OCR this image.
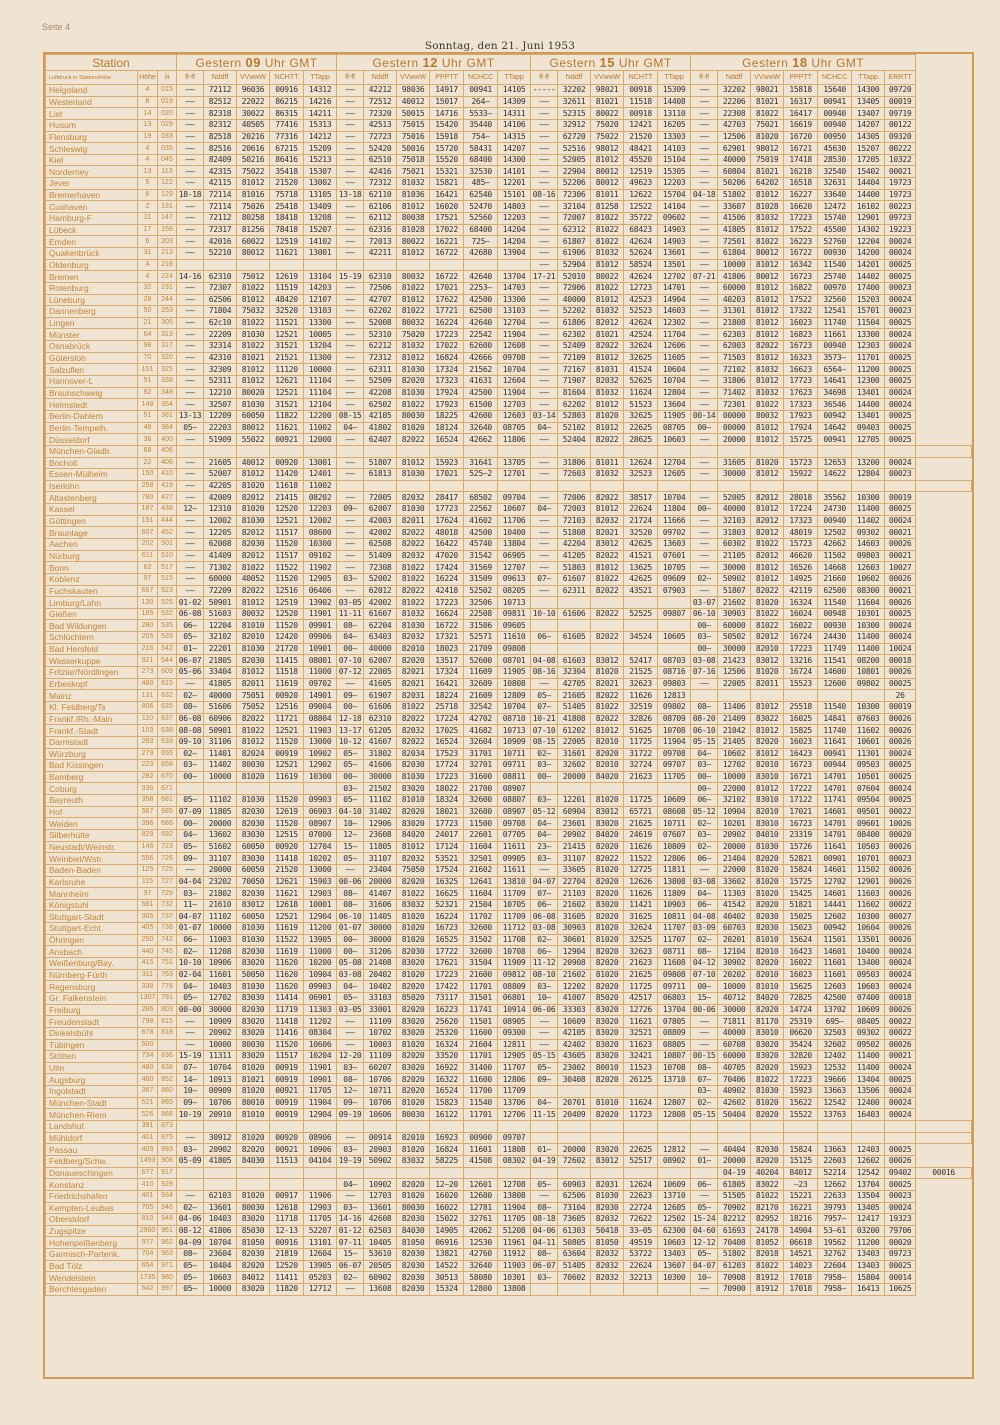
Seite 4
Sonntag, den 21. Juni 1953
Station			Gestern 09 Uhr GMT					Gestern 12 Uhr GMT						Gestern 15 Uhr GMT					Gestern 18 Uhr GMT							
Luftdruck in Stationshöhe	Höhe	iii	ff-ff	Nddff	VVwwW	NCHTT	TTapp	ff-ff	Nddff	VVwwW	PPPTT	NCHCC	TTapp	ff-ff	Nddff	VVwwW	NCHTT	TTapp	ff-ff	Nddff	VVwwW	PPPTT	NCHCC	TTapp	ERRTT	
Helgoland	4	015	——	72112	96036	00916	14312	——	42212	98036	14917	00941	14105	-----	32202	98021	00918	15309	——	32202	98021	15818	15640	14300	09720	
Westerland	8	019	——	82512	22022	86215	14216	——	72512	40012	15017	264—	14309	——	32611	81021	11518	14408	——	22206	81021	16317	00941	13405	00019	
List	14	020	——	82318	30022	86315	14211	——	72320	50015	14716	5533—	14311	——	52315	80022	00918	13110	——	22308	81022	16417	00940	13407	09719	
Husum	13	029	——	82312	40505	77416	15313	——	42513	75015	15420	35440	14106	——	32912	75020	12421	16205	——	42703	75021	16619	00940	14207	00122	
Flensburg	19	033	——	82518	20216	77316	14212	——	72723	75016	15918	754—	14315	——	62720	75022	21520	13303	——	12506	81020	16720	00950	14305	09320	
Schleswig	4	035	——	82516	20616	67215	15209	——	52420	50016	15720	58431	14207	——	52516	98012	48421	14103	——	62901	98012	16721	45630	15207	00222	
Kiel	4	045	——	82409	50216	86416	15213	——	62510	75018	15520	68400	14300	——	52005	81012	45520	15104	——	40000	75019	17418	28530	17205	10322	
Norderney	13	113	——	42315	75022	35418	15307	——	42416	75021	15321	32530	14101	——	22904	80012	12519	15305	——	60804	81021	16218	32540	15402	00021	
Jever	5	122	——	42115	81012	21520	13002	——	72312	81032	15821	485—	12201	——	52206	80012	49623	12203	——	50206	64202	16518	32631	14404	19723	
Bremerhaven	6	129	18-18	72114	81016	75718	13105	13-18	62110	81036	16421	62540	15101	08-16	72306	81011	12622	15704	04-18	51802	81012	16227	33640	14400	19723	
Cuxhaven	2	131	——	72114	75026	25418	13409	——	62106	81012	16020	52470	14803	——	32104	81258	12522	14104	——	33607	81028	16620	12472	16102	00223	
Hamburg-F	11	147	——	72112	80258	18418	13208	——	62112	80038	17521	52560	12203	——	72007	81022	35722	09602	——	41506	81032	17223	15740	12901	09723	
Lübeck	17	156	——	72317	81256	78418	15207	——	62316	81028	17022	68400	14204	——	62312	81022	68423	14903	——	41805	81012	17522	45500	14302	19223	
Emden	6	203	——	42016	60022	12519	14102	——	72013	80022	16221	725—	14204	——	61807	81022	42624	14903	——	72501	81022	16223	52760	12204	00024	
Quakenbrück	31	213	——	52210	80012	11621	13001	——	42211	81012	16722	42680	13904	——	61906	81032	52624	13601	——	61804	80012	16722	00930	14200	00024	
Oldenburg	4	216												——	52904	81012	58524	13501	——	10000	81012	16342	11540	14201	00025	
Bremen	4	224	14-16	62310	75012	12619	13104	15-19	62310	80032	16722	42640	13704	17-21	52010	80022	42624	12702	07-21	41806	80012	16723	25740	14402	00025	
Rotenburg	32	231	——	72307	81022	11519	14203	——	72506	81022	17021	2253—	14703	——	72006	81022	12723	14701	——	60000	81012	16822	00970	17400	00023	
Lüneburg	28	244	——	62506	81012	48420	12107	——	42707	81012	17622	42500	13300	——	40000	81012	42523	14904	——	40203	81012	17522	32560	15203	00024	
Dannenberg	50	253	——	71804	75032	32520	13103	——	62202	81022	17721	62500	13103	——	52202	81032	52523	14603	——	31301	81012	17322	12541	15701	00023	
Lingen	21	305	——	62c10	81022	11521	13300	——	52008	80032	16224	42640	12704	——	61806	82012	42624	12302	——	21808	81012	16023	11740	11504	00025	
Münster	64	313	——	22209	81030	12521	10005	——	52310	75020	17223	22542	11904	——	62302	81021	42524	11704	——	62303	81012	16823	11661	13300	00024	
Osnabrück	98	317	——	32314	81022	31521	13204	——	62212	81032	17022	62600	12608	——	52409	82022	32624	12606	——	62003	82022	16723	00940	12303	00024	
Gütersloh	70	320	——	42310	81021	21521	11300	——	72312	81012	16824	42666	09708	——	72109	81012	32625	11605	——	71503	81012	16323	3573—	11701	00025	
Salzuflen	101	325	——	32309	81012	11120	10000	——	62311	81030	17324	21562	10704	——	72167	81031	41524	10604	——	72102	81032	16623	6564—	11200	00025	
Hannover-L	51	338	——	52311	81012	12621	11104	——	52509	82020	17323	41631	12604	——	71907	82032	52625	10704	——	31806	81012	17723	14641	12300	00025	
Braunschweig	82	348	——	12210	80020	12521	11104	——	42208	81030	17924	42500	11904	——	81604	81032	11624	12804	——	71402	81032	17623	34698	13401	00024	
Helmstedt	148	354	——	32507	81030	31521	12104	——	62502	81022	17923	61500	12703	——	62202	81012	51523	13604	——	72301	81022	17323	36546	14400	00024	
Berlin-Dahlem	51	381	13-13	12209	60050	11822	12200	08-15	42105	80030	18225	42600	12603	03-14	52803	81020	32625	11905	00-14	00000	80032	17923	00942	13401	00025	
Berlin-Tempelh.	48	384	05—	22203	80012	11621	11002	04—	41802	81020	18124	32640	08705	04—	52102	81012	22625	08705	00—	00000	81012	17924	14642	09403	00025	
Düsseldorf	36	400	——	51909	55022	00921	12000	——	62407	82022	16524	42662	11806	——	52404	82022	28625	10603	——	20000	81012	15725	00941	12705	00025	
München-Gladb.	68	406																								
Bocholt	22	406	——	21605	40012	00920	13001	——	51807	81012	15923	31641	13705	——	31806	81011	12624	12704	——	31605	81020	15723	12653	13200	00024	
Essen-Mülheim	150	410	——	52007	81012	11420	12401	——	61813	81030	17021	525—2	12701	——	72603	81032	32523	12605	——	30000	81012	15922	14622	12804	00023	
Iserlohn	258	419	——	42205	81020	11618	11002																			
Altastenberg	780	427	——	42009	82012	21415	08202	——	72005	82032	28417	68502	09704	——	72006	82022	38517	10704	——	52005	82012	28018	35562	10300	00019	
Kassel	187	438	12—	12310	81020	12520	12203	09—	62007	81030	17723	22562	10607	04—	72003	81012	22624	11804	00—	40000	81012	17224	24730	11400	00025	
Göttingen	151	444	——	12002	81030	12521	12002	——	42003	82011	17624	41602	11706	——	72103	82032	21724	11666	——	32103	82012	17323	00940	11402	00024	
Braunlage	607	452	——	12205	82012	11517	08600	——	42002	82022	48018	42500	10400	——	51808	82021	32520	09702	——	31803	82012	48019	12502	09302	00021	
Aachen	202	501	——	62008	82030	11520	10300	——	62508	82022	16422	45740	13804	——	42204	83012	42625	13603	——	60302	81022	15723	42662	14603	00026	
Nürburg	611	510	——	41409	82012	11517	09102	——	51409	82032	47020	31542	06905	——	41205	82022	41521	07601	——	21105	82012	46620	11502	09803	00021	
Bonn	62	517	——	71302	81022	11522	11902	——	72308	81022	17424	31569	12707	——	51803	81012	13625	10705	——	30000	81012	16526	14668	12603	10027	
Koblenz	97	515	——	60000	40052	11520	12905	03—	52002	81022	16224	31509	09613	07—	61607	81022	42625	09609	02—	50902	81012	14925	21660	10602	00026	
Fuchskauten	657	523	——	72209	82022	12516	06406	——	62012	82022	42418	52502	08205	——	62311	82022	43521	07903	——	51807	82022	42119	62500	08300	00021	
Limburg/Lahn	130	525	01-02	50901	81012	12519	13902	03-05	42002	81022	17223	32506	10713						03-07	21602	81020	16324	11540	11604	00026	
Gießen	185	532	06-08	51603	80032	12520	11901	11-11	61607	81032	16624	22508	09811	10-10	61606	82022	52525	09807	06-10	30903	81022	16024	00948	10301	00025	
Bad Wildungen	280	535	06—	12204	81010	11520	09901	08—	62204	81030	16722	31506	09605						00—	60000	81022	16022	00930	10300	00024	
Schlüchtern	205	539	05—	32102	82010	12420	09906	04—	63403	82032	17321	52571	11610	06—	61605	82022	34524	10605	03—	50502	82012	16724	24430	11400	00024	
Bad Hersfeld	216	542	01—	22201	81030	21720	10901	00—	40000	82010	18023	21709	09808						00—	30000	82010	17223	11749	11400	10024	
Wasserkuppe	921	544	06-07	21805	82030	11415	08001	07-10	62007	82020	13517	52600	08701	04-08	61603	83012	52417	08703	03-08	21423	83012	13216	11541	08200	00018	
Fritzlar/Nördlingen	273	609	05-06	33404	81012	11518	11000	07-12	22005	82021	17324	11609	11905	08-16	32304	81020	21525	08716	07-16	12506	81020	16724	14600	10801	00026	
Erbeskopf	480	615	——	41805	82011	11619	09702	——	41605	82021	16421	32609	10808	——	42705	82021	32623	09803	——	22005	82011	15523	12600	09802	00025	
Mainz	131	632	02—	40000	75051	00920	14901	09—	61907	82031	18224	21609	12809	05—	21605	82022	11626	12813							26	
Kl. Feldberg/Ts	806	635	08—	51606	75052	12516	09004	00—	61606	81022	25718	32542	10704	07—	51405	81022	32519	09802	08—	11406	81012	25518	11540	10300	00019	
Frankf./Rh.-Main	110	637	06-08	60906	82022	11721	08804	12-18	62310	82022	17224	42702	08710	10-21	41808	82022	32826	08709	08-20	21409	83022	16025	14841	07603	00026	
Frankf.-Stadt	103	638	08-08	50901	81022	12521	11903	13-17	61205	82032	17025	41682	10713	07-10	61202	81012	51625	10708	06-10	21042	81012	15825	11740	11602	00026	
Darmstadt	263	639	09-10	31106	81012	11520	13000	10-12	41607	82022	16524	32604	10909	08-15	22005	82010	11725	11904	05-15	21405	82020	16023	11641	10601	00026	
Würzburg	279	655	02—	11401	82024	00919	10902	05—	31802	82034	17523	31701	10711	02—	31601	82020	31722	09708	04—	10602	81012	16423	00941	11301	00024	
Bad Kissingen	223	658	03—	11402	80030	12521	12902	05—	41606	82030	17724	32701	09711	03—	32602	82010	32724	09707	03—	12702	82010	16723	00944	09503	00025	
Bamberg	282	670	00—	10000	81020	11619	10300	00—	30000	81030	17223	31600	08811	00—	20000	84020	21623	11705	00—	10000	83010	16721	14701	10501	00025	
Coburg	336	671						03—	21502	83020	18022	21700	08907						00—	22000	81012	17222	14701	07604	00024	
Bayreuth	358	681	05—	11102	81030	11520	09903	05—	11102	81010	18324	32600	08807	03—	12201	81020	11725	10609	06—	32102	83010	17122	11741	09504	00025	
Hof	567	685	07-09	11805	82030	12619	06903	04-10	31402	82020	18021	32600	08907	05-12	60904	83012	65721	08608	05-12	10904	82010	17021	14601	09501	00022	
Weiden	396	688	00—	20000	82030	11520	08907	10—	12906	83020	17723	11500	09708	04—	23601	83020	21625	10711	02—	10201	83010	16723	14701	09601	10026	
Silberhütte	829	692	04—	13602	83030	12515	07000	12—	23608	84020	24017	22601	07705	04—	20902	84020	24619	07607	03—	20902	84010	23319	14701	08400	00020	
Neustadt/Weinstr.	146	723	05—	51602	60050	00920	12704	15—	11805	81012	17124	11604	11611	23—	21415	82020	11626	10809	02—	20000	81030	15726	11641	10503	00026	
Weinbiet/Wstr.	556	726	09—	31107	83030	11418	10202	05—	31107	82032	53521	32501	09905	03—	31107	82022	11522	12806	06—	21404	82020	52821	00901	10701	00023	
Baden-Baden	125	725	——	20000	60050	21520	13000	——	23404	75050	17524	21602	11611	——	33605	81020	12725	11811	——	22000	81020	15824	14601	11502	00026	
Karlsruhe	115	727	04-04	23202	70050	12621	15903	00-06	20000	82020	16325	12641	13810	04-07	22704	82020	12626	13808	03-08	33602	81020	15725	12702	12901	00026	
Mannheim	97	729	03—	21802	82030	11621	12903	08—	41407	81022	16625	11604	11709	07—	21103	82020	11626	11809	04—	11303	81020	15425	14601	11603	00026	
Königstuhl	561	732	11—	21610	83012	12618	10001	08—	31606	83032	52321	21504	10705	06—	21602	83020	11421	10903	06—	41542	82020	51821	14441	11602	00022	
Stuttgart-Stadt	305	737	04-07	11102	60050	12521	12904	06-10	11405	81020	16224	11702	11709	06-08	31605	82020	31625	10811	04-08	40402	82030	15025	12602	10300	00027	
Stuttgart-Echt.	405	738	01-07	10000	81030	11619	11200	01-07	30000	81020	16723	32600	11712	03-08	30903	81020	32624	11707	03-09	60703	82030	15023	00942	10604	00026	
Öhringen	250	742	06—	11003	81030	11522	13905	00—	30000	81020	16525	31502	11708	02—	30601	81020	32525	11707	02—	20201	81010	15624	11501	13501	00026	
Ansbach	440	745	02—	11208	82030	11619	11000	00—	31206	82030	17722	32600	10708	06—	12904	82020	32623	08711	08—	12104	82010	16423	14601	10400	00024	
Weißenburg/Bay.	415	751	10-10	10906	83020	11620	10200	05-08	21408	83020	17621	31504	11909	11-12	20908	82020	21623	11608	04-12	30902	82020	16022	11601	13400	00024	
Nürnberg-Fürth	311	763	02-04	11601	50050	11620	10904	03-08	20402	81020	17223	21600	09812	08-10	21602	81020	21625	09808	07-10	20202	82010	16023	11601	09503	00024	
Regensburg	338	776	04—	10403	81030	11620	09903	04—	10402	82020	17422	11701	08809	03—	12202	82020	11725	09711	00—	10000	81010	15625	12603	10603	00024	
Gr. Falkenstein	1307	791	05—	12702	83030	11414	06901	05—	33103	85020	73117	31501	06801	10—	41007	85020	42517	06803	15—	40712	84020	72825	42500	07400	00018	
Freiburg	286	803	00-00	30000	82030	11719	11303	03-05	33001	82020	16223	11741	10914	06-06	33303	83020	12726	13704	00-06	30000	82020	14724	13702	10609	00026	
Freudenstadt	798	815	——	10909	83020	11418	11202	——	11109	83020	25620	11501	08905	——	10609	83020	11621	07805	——	71811	81170	25319	695—	08405	00022	
Dinkelsbühl	678	818	——	20902	83020	11416	08304	——	10702	83020	25320	11600	09300	——	42105	83020	32521	08809	——	40000	83010	06620	32503	09302	00022	
Tübingen	500		——	10000	80030	11520	10606	——	10003	81020	16324	21604	12811	——	42402	83020	11623	08805	——	60708	83020	35424	32602	09502	00026	
Stötten	734	836	15-19	11311	83020	11517	10204	12-20	11109	82020	33520	11701	12905	05-15	43605	83020	32421	10807	00-15	60000	83020	32820	12402	11400	00021	
Ulm	480	838	07—	10704	81020	00919	11901	03—	60207	83020	16922	31400	11707	05—	23002	80010	11523	10708	08—	40705	82020	15923	12532	11400	00024	
Augsburg	480	852	14—	10913	81021	00919	10901	08—	10706	82020	16322	11600	12806	09—	30408	82020	26125	13710	07—	70406	81022	17223	19666	13404	00025	
Ingolstadt	367	860	10—	00909	81020	00921	11705	12—	10711	82020	16524	11700	11709						03—	40902	81030	15923	13663	13506	00024	
München-Stadt	521	865	09—	10706	80010	00919	11904	09—	10706	81020	15823	11540	13706	04—	20701	81010	11624	12807	02—	42602	81020	15622	12542	12400	00024	
München-Riem	526	866	10-19	20910	81010	00919	12904	09-19	10606	80030	16122	11701	12706	11-15	20409	82020	11723	12808	05-15	50404	82020	15522	13763	16403	00024	
Landshut	391	873																								
Mühldorf	401	875	——	30912	81020	00920	08906	——	00914	82010	16923	00900	09707													
Passau	409	893	03—	20902	82020	00921	10906	03—	20903	81020	16824	11601	11808	01—	20000	83020	22625	12812	——	40404	82030	15824	13663	12403	00025	
Feldberg/Schw.	1493	908	05-09	41805	84030	11513	04104	19-19	50902	83032	58225	41508	08302	04-19	72602	83012	52517	08902	01—	20000	82020	15125	22603	12602	00026	
Donaueschingen	677	917																		04-19	40204	84012	52214	12542	09402	00016
Konstanz	410	929						04—	10902	82020	12—20	12601	12708	05—	60903	82031	12624	10609	06—	61805	83022	—23	12662	13704	00025	
Friedrichshafen	401	934	——	62103	81020	00917	11906	——	12703	81020	16020	12600	13808	——	62506	81030	22623	13710	——	51505	81022	15221	22633	13504	00023	
Kempten-Leubas	705	946	02—	13601	80030	12618	12903	03—	13601	80030	16022	12781	11904	08—	73104	82030	22724	12605	05—	70902	82170	16221	39793	13405	00024	
Oberstdorf	810	948	04-06	10403	83020	11718	11705	14-16	42608	82030	15022	32761	11705	08-18	73605	82032	72622	12502	15-24	82212	82952	18216	7957—	12417	19323	
Zugspitze	2960	961	08-12	41806	85030	12-13	52207	01-12	62503	84030	14905	42062	51208	04-06	61303	50418	33—05	62300	04-60	61693	24178	14904	53—61	03200	79706	
Hohenpeißenberg	977	962	04-09	10704	81050	00916	13101	07-11	10405	81050	06916	12530	11961	04-11	50805	81050	49519	10603	12-12	70408	81052	06618	19562	11200	00020	
Garmisch-Partenk.	704	963	08—	23604	82030	21819	12604	15—	53610	82030	13821	42760	11912	08—	63604	82032	53722	13403	05—	51802	82018	14521	32762	13403	09723	
Bad Tölz	654	971	05—	10404	82020	12520	13905	06-07	20505	82030	14522	32640	11903	06-07	51405	82032	22624	13607	04-07	61203	81022	14023	22604	13403	00025	
Wendelstein	1735	980	05—	10603	84012	11411	05203	02—	60902	82030	30513	58080	10301	03—	70602	82032	32213	10300	10—	70908	81912	17018	7958—	15804	00014	
Berchtesgaden	542	997	05—	10000	83020	11820	12712	——	13608	82030	15324	12800	13808						——	70900	81912	17018	7958—	16413	10625	
